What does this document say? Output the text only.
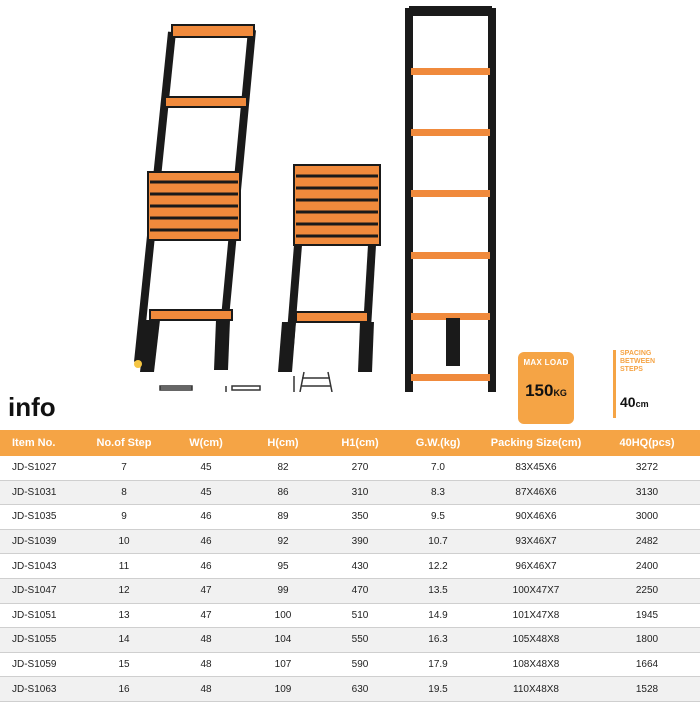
info
MAX LOAD
150KG
SPACING BETWEEN STEPS
40cm
Item No.	No.of Step	W(cm)	H(cm)	H1(cm)	G.W.(kg)	Packing Size(cm)	40HQ(pcs)
JD-S1027	7	45	82	270	7.0	83X45X6	3272
JD-S1031	8	45	86	310	8.3	87X46X6	3130
JD-S1035	9	46	89	350	9.5	90X46X6	3000
JD-S1039	10	46	92	390	10.7	93X46X7	2482
JD-S1043	11	46	95	430	12.2	96X46X7	2400
JD-S1047	12	47	99	470	13.5	100X47X7	2250
JD-S1051	13	47	100	510	14.9	101X47X8	1945
JD-S1055	14	48	104	550	16.3	105X48X8	1800
JD-S1059	15	48	107	590	17.9	108X48X8	1664
JD-S1063	16	48	109	630	19.5	110X48X8	1528
